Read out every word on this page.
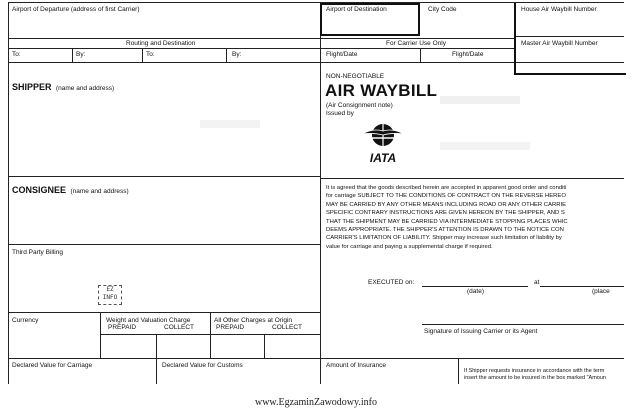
Airport of Departure (address of first Carrier)	Airport of Destination	City Code	House Air Waybill Number
Master Air Waybill Number
Routing and Destination	For Carrier Use Only
To:	By:	To:	By:	Flight/Date	Flight/Date
SHIPPER (name and address)
CONSIGNEE (name and address)
Third Party Billing
NON-NEGOTIABLE
AIR WAYBILL
(Air Consignment note)
Issued by
IATA
It is agreed that the goods described herein are accepted in apparent good order and conditi
for carriage SUBJECT TO THE CONDITIONS OF CONTRACT ON THE REVERSE HEREO
MAY BE CARRIED BY ANY OTHER MEANS INCLUDING ROAD OR ANY OTHER CARRIE
SPECIFIC CONTRARY INSTRUCTIONS ARE GIVEN HEREON BY THE SHIPPER, AND S
THAT THE SHIPMENT MAY BE CARRIED VIA INTERMEDIATE STOPPING PLACES WHIC
DEEMS APPROPRIATE. THE SHIPPER'S ATTENTION IS DRAWN TO THE NOTICE CON
CARRIER'S LIMITATION OF LIABILITY. Shipper may increase such limitation of liability by
value for carriage and paying a supplemental charge if required.
EXECUTED on:	at
(date)	(place
Signature of Issuing Carrier or its Agent
EZ INFO
Currency	Weight and Valuation Charge
PREPAID	COLLECT
All Other Charges at Origin
PREPAID	COLLECT
Declared Value for Carriage	Declared Value for Customs	Amount of Insurance
If Shipper requests insurance in accordance with the term
insert the amount to be insured in the box marked "Amoun
www.EgzaminZawodowy.info
